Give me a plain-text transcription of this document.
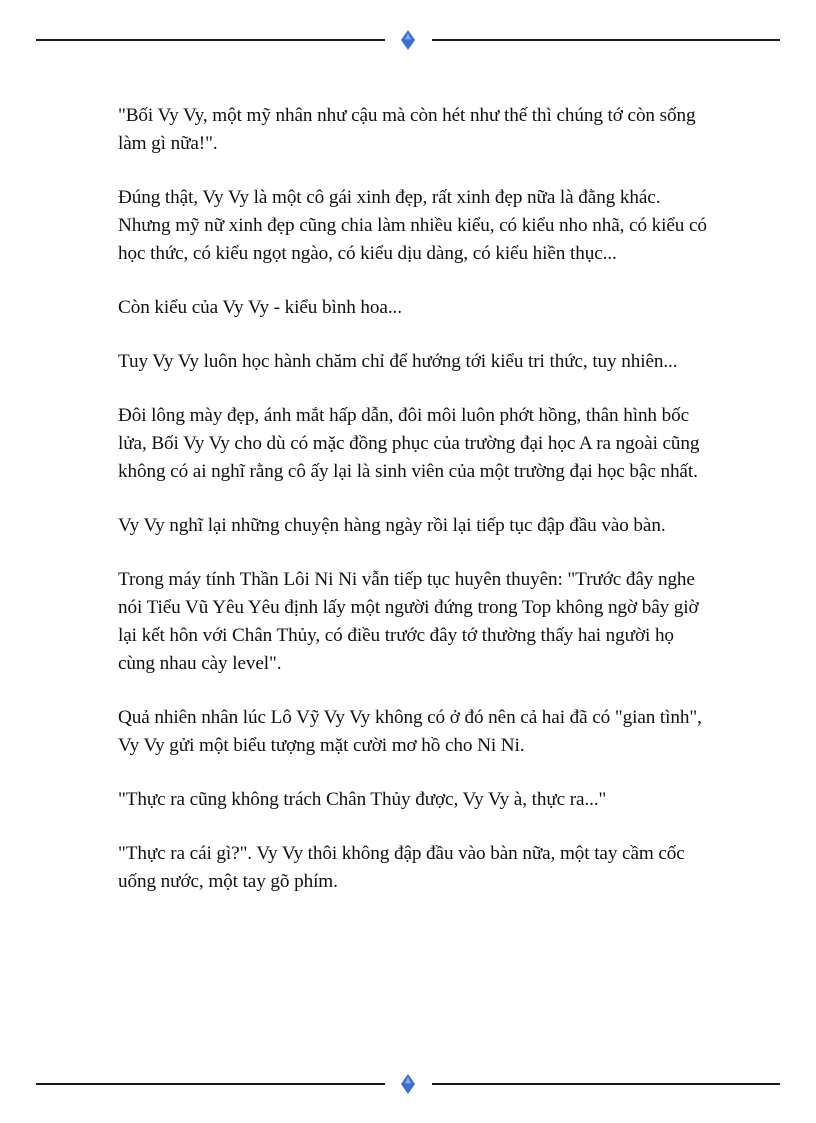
"Bối Vy Vy, một mỹ nhân như cậu mà còn hét như thế thì chúng tớ còn sống làm gì nữa!".

Đúng thật, Vy Vy là một cô gái xinh đẹp, rất xinh đẹp nữa là đằng khác. Nhưng mỹ nữ xinh đẹp cũng chia làm nhiều kiểu, có kiểu nho nhã, có kiểu có học thức, có kiểu ngọt ngào, có kiểu dịu dàng, có kiểu hiền thục...

Còn kiểu của Vy Vy - kiểu bình hoa...

Tuy Vy Vy luôn học hành chăm chỉ để hướng tới kiểu tri thức, tuy nhiên...

Đôi lông mày đẹp, ánh mắt hấp dẫn, đôi môi luôn phớt hồng, thân hình bốc lửa, Bối Vy Vy cho dù có mặc đồng phục của trường đại học A ra ngoài cũng không có ai nghĩ rằng cô ấy lại là sinh viên của một trường đại học bậc nhất.

Vy Vy nghĩ lại những chuyện hàng ngày rồi lại tiếp tục đập đầu vào bàn.

Trong máy tính Thần Lôi Ni Ni vẫn tiếp tục huyên thuyên: "Trước đây nghe nói Tiểu Vũ Yêu Yêu định lấy một người đứng trong Top không ngờ bây giờ lại kết hôn với Chân Thủy, có điều trước đây tớ thường thấy hai người họ cùng nhau cày level".

Quả nhiên nhân lúc Lô Vỹ Vy Vy không có ở đó nên cả hai đã có "gian tình", Vy Vy gửi một biểu tượng mặt cười mơ hồ cho Ni Ni.

"Thực ra cũng không trách Chân Thủy được, Vy Vy à, thực ra..."

"Thực ra cái gì?". Vy Vy thôi không đập đầu vào bàn nữa, một tay cầm cốc uống nước, một tay gõ phím.
